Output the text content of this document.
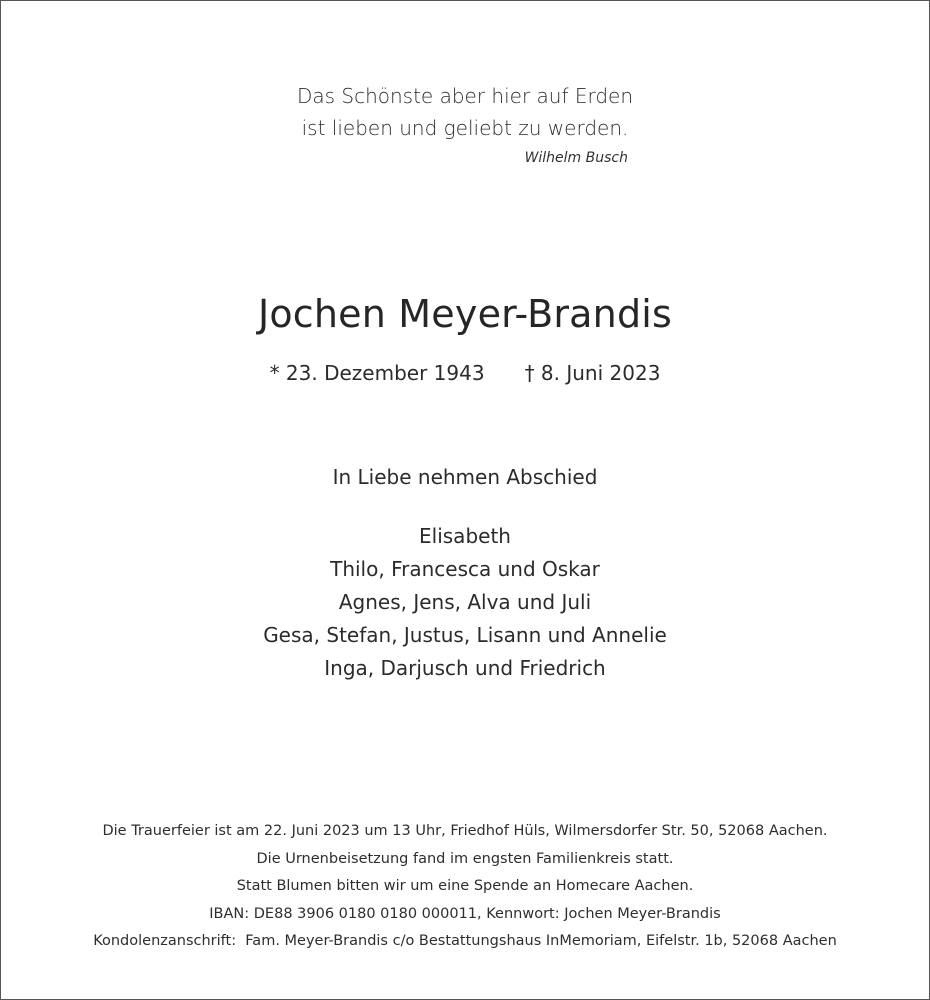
Das Schönste aber hier auf Erden
ist lieben und geliebt zu werden.
Wilhelm Busch
Jochen Meyer-Brandis
* 23. Dezember 1943 † 8. Juni 2023
In Liebe nehmen Abschied
Elisabeth
Thilo, Francesca und Oskar
Agnes, Jens, Alva und Juli
Gesa, Stefan, Justus, Lisann und Annelie
Inga, Darjusch und Friedrich
Die Trauerfeier ist am 22. Juni 2023 um 13 Uhr, Friedhof Hüls, Wilmersdorfer Str. 50, 52068 Aachen.
Die Urnenbeisetzung fand im engsten Familienkreis statt.
Statt Blumen bitten wir um eine Spende an Homecare Aachen.
IBAN: DE88 3906 0180 0180 000011, Kennwort: Jochen Meyer-Brandis
Kondolenzanschrift:  Fam. Meyer-Brandis c/o Bestattungshaus InMemoriam, Eifelstr. 1b, 52068 Aachen
